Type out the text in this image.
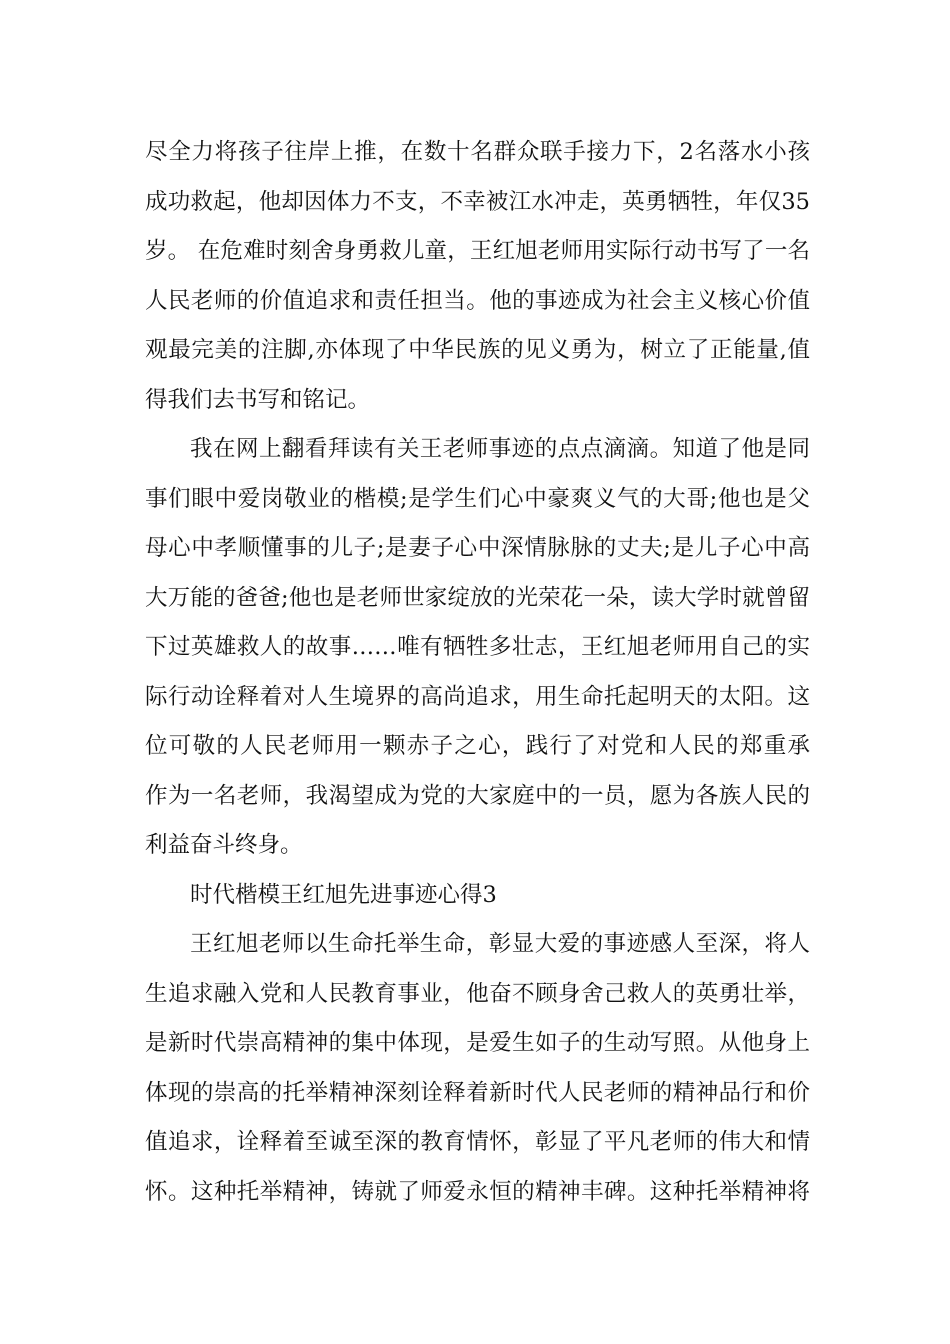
尽全力将孩子往岸上推，在数十名群众联手接力下，2名落水小孩
成功救起，他却因体力不支，不幸被江水冲走，英勇牺牲，年仅35
岁。 在危难时刻舍身勇救儿童，王红旭老师用实际行动书写了一名
人民老师的价值追求和责任担当。他的事迹成为社会主义核心价值
观最完美的注脚,亦体现了中华民族的见义勇为，树立了正能量,值
得我们去书写和铭记。
我在网上翻看拜读有关王老师事迹的点点滴滴。知道了他是同
事们眼中爱岗敬业的楷模;是学生们心中豪爽义气的大哥;他也是父
母心中孝顺懂事的儿子;是妻子心中深情脉脉的丈夫;是儿子心中高
大万能的爸爸;他也是老师世家绽放的光荣花一朵，读大学时就曾留
下过英雄救人的故事……唯有牺牲多壮志，王红旭老师用自己的实
际行动诠释着对人生境界的高尚追求，用生命托起明天的太阳。这
位可敬的人民老师用一颗赤子之心，践行了对党和人民的郑重承
作为一名老师，我渴望成为党的大家庭中的一员，愿为各族人民的
利益奋斗终身。
时代楷模王红旭先进事迹心得3
王红旭老师以生命托举生命，彰显大爱的事迹感人至深，将人
生追求融入党和人民教育事业，他奋不顾身舍己救人的英勇壮举，
是新时代崇高精神的集中体现，是爱生如子的生动写照。从他身上
体现的崇高的托举精神深刻诠释着新时代人民老师的精神品行和价
值追求，诠释着至诚至深的教育情怀，彰显了平凡老师的伟大和情
怀。这种托举精神，铸就了师爱永恒的精神丰碑。这种托举精神将
